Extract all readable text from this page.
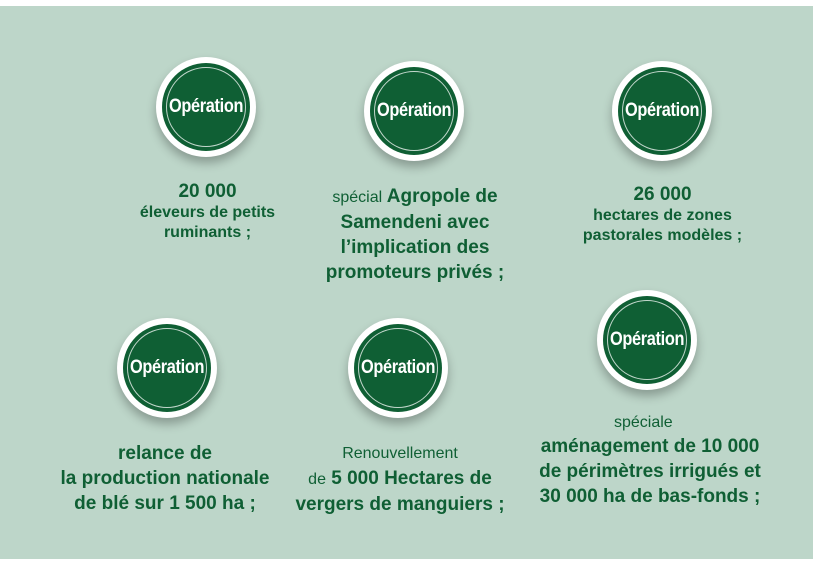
Opération	Opération	Opération
Opération	Opération
Opération
20 000
éleveurs de petits
ruminants ;
spécial Agropole de
Samendeni avec
l’implication des
promoteurs privés ;
26 000
hectares de zones
pastorales modèles ;
relance de
la production nationale
de blé sur 1 500 ha ;
Renouvellement
de 5 000 Hectares de
vergers de manguiers ;
spéciale
aménagement de 10 000
de périmètres irrigués et
30 000 ha de bas-fonds ;
